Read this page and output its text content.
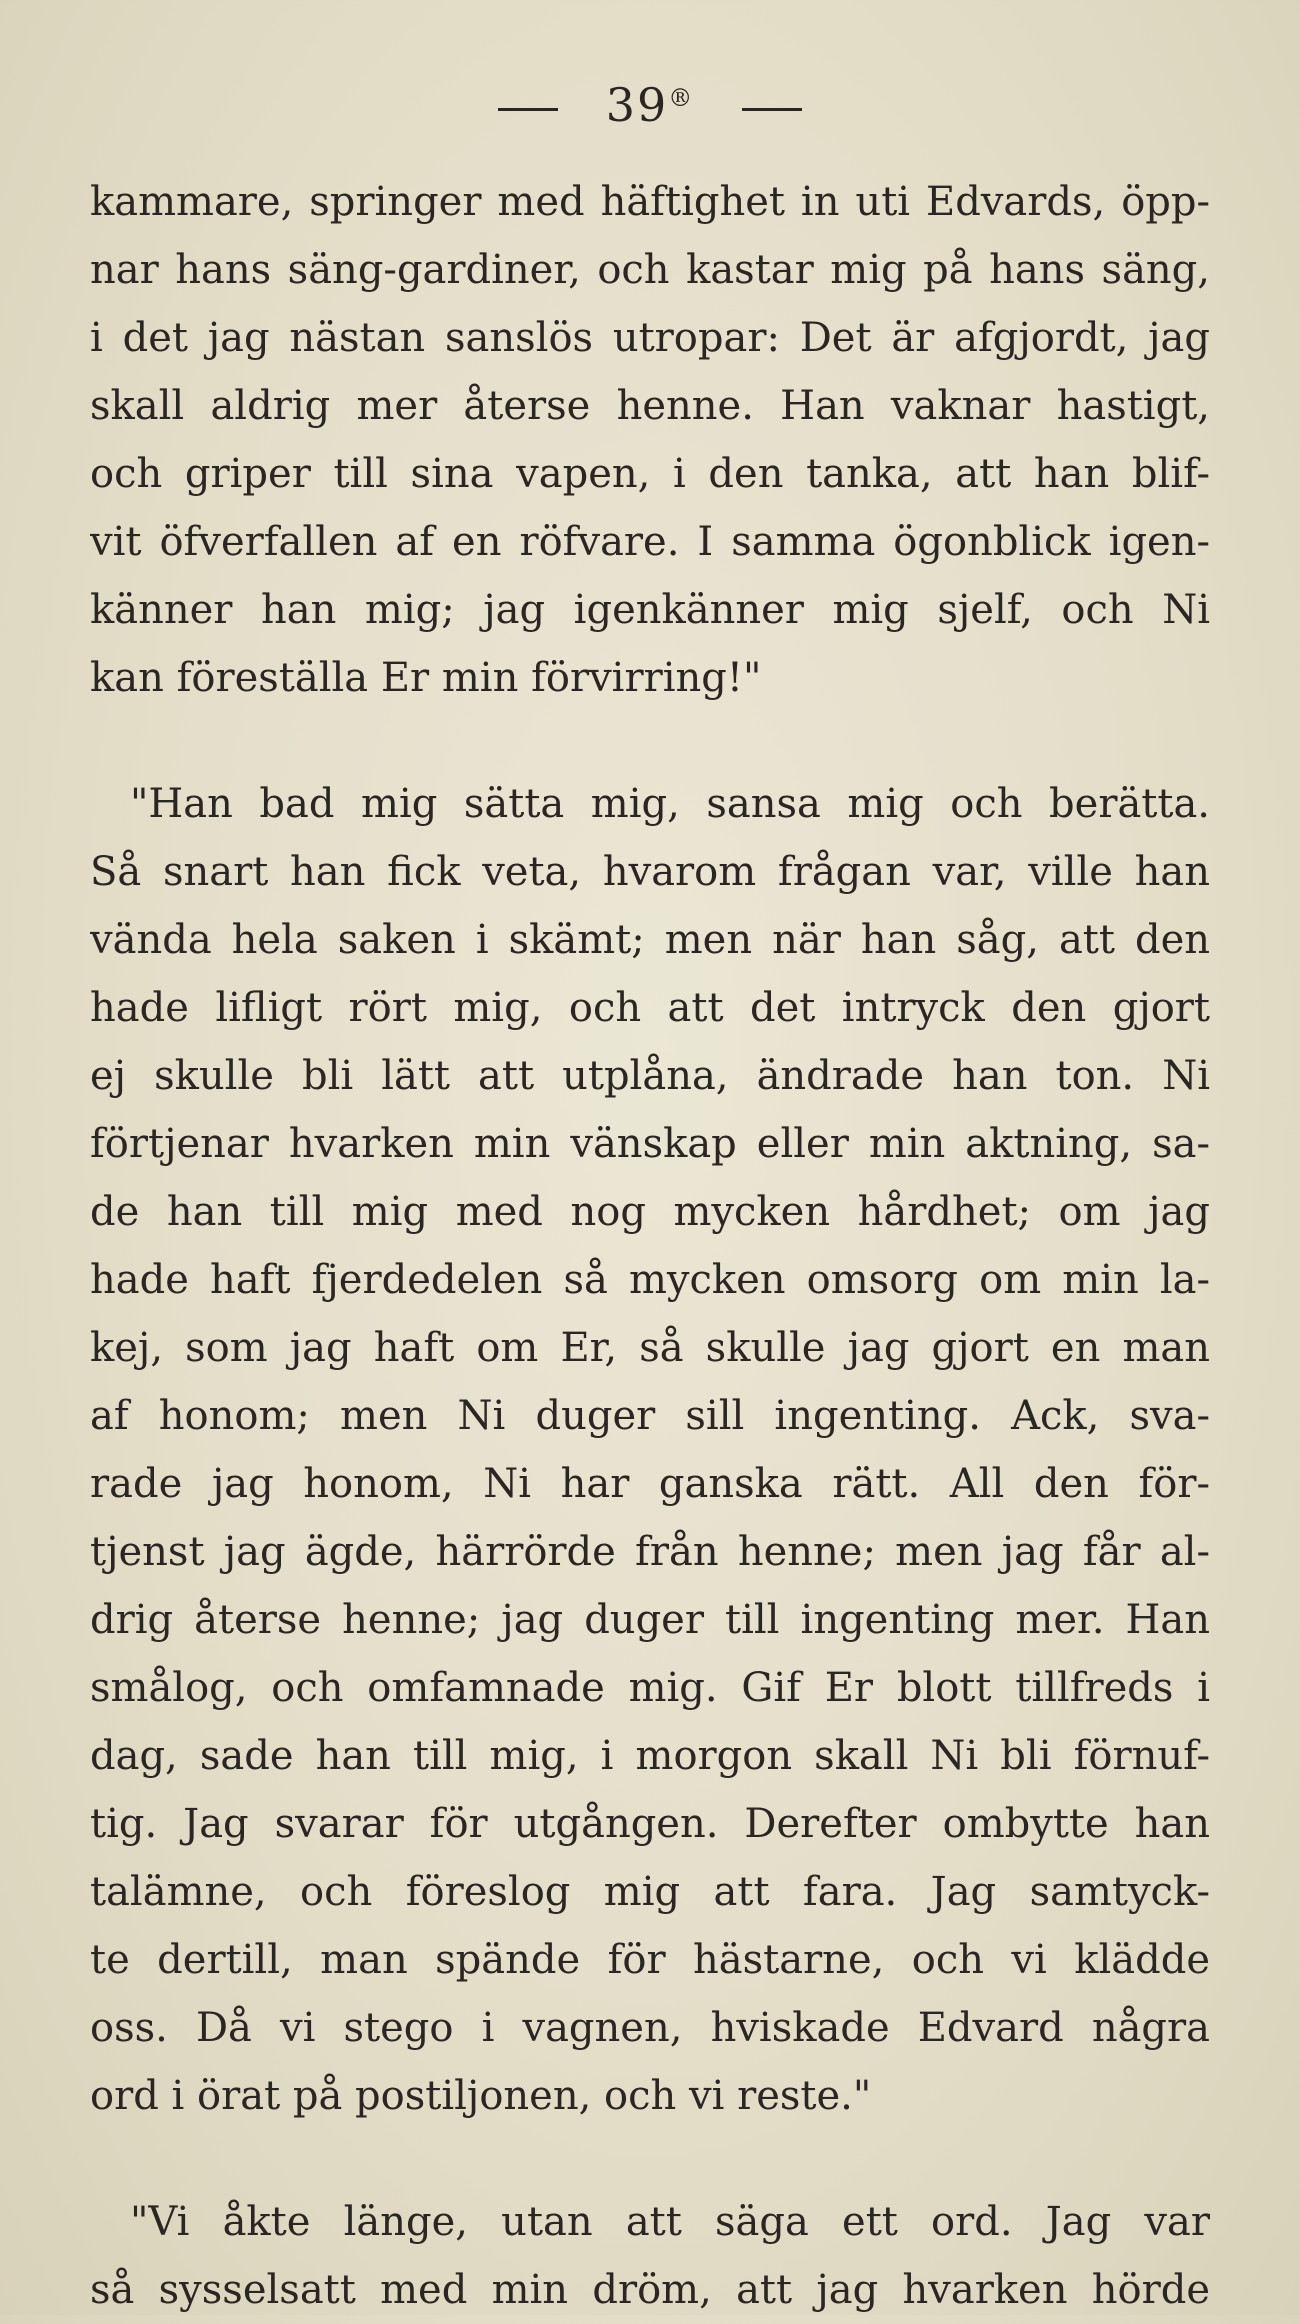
39®
kammare, springer med häftighet in uti Edvards, öpp-
nar hans säng-gardiner, och kastar mig på hans säng,
i det jag nästan sanslös utropar: Det är afgjordt, jag
skall aldrig mer återse henne. Han vaknar hastigt,
och griper till sina vapen, i den tanka, att han blif-
vit öfverfallen af en röfvare. I samma ögonblick igen-
känner han mig; jag igenkänner mig sjelf, och Ni
kan föreställa Er min förvirring!"
"Han bad mig sätta mig, sansa mig och berätta.
Så snart han fick veta, hvarom frågan var, ville han
vända hela saken i skämt; men när han såg, att den
hade lifligt rört mig, och att det intryck den gjort
ej skulle bli lätt att utplåna, ändrade han ton. Ni
förtjenar hvarken min vänskap eller min aktning, sa-
de han till mig med nog mycken hårdhet; om jag
hade haft fjerdedelen så mycken omsorg om min la-
kej, som jag haft om Er, så skulle jag gjort en man
af honom; men Ni duger sill ingenting. Ack, sva-
rade jag honom, Ni har ganska rätt. All den för-
tjenst jag ägde, härrörde från henne; men jag får al-
drig återse henne; jag duger till ingenting mer. Han
smålog, och omfamnade mig. Gif Er blott tillfreds i
dag, sade han till mig, i morgon skall Ni bli förnuf-
tig. Jag svarar för utgången. Derefter ombytte han
talämne, och föreslog mig att fara. Jag samtyck-
te dertill, man spände för hästarne, och vi klädde
oss. Då vi stego i vagnen, hviskade Edvard några
ord i örat på postiljonen, och vi reste."
"Vi åkte länge, utan att säga ett ord. Jag var
så sysselsatt med min dröm, att jag hvarken hörde
